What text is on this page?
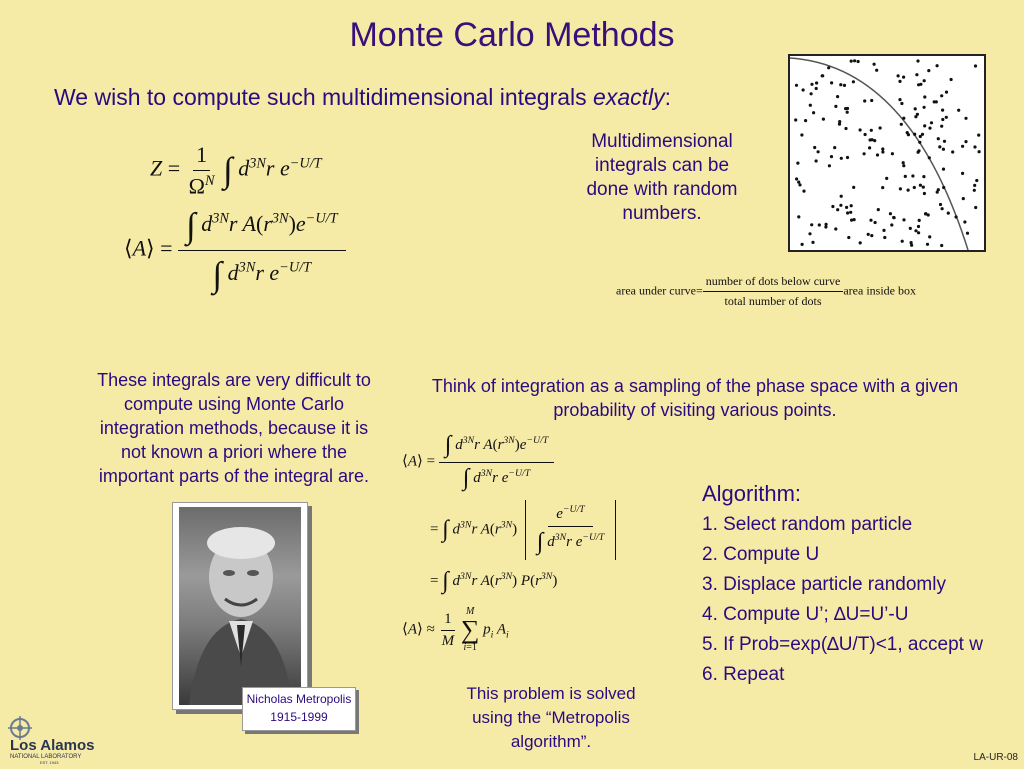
Monte Carlo Methods
We wish to compute such multidimensional integrals exactly:
$Z = \frac{1}{\Omega^N}$ ∫ $d^{3N}r$ $e^{-U/T}$
⟨A⟩ = $\frac{\int d^{3N}r A(r^{3N})e^{-U/T}}{\int d^{3N}r e^{-U/T}}$
Multidimensional integrals can be done with random numbers.
area under curve= $\frac{\text{number of dots below curve}}{\text{total number of dots}}$ area inside box
These integrals are very difficult to compute using Monte Carlo integration methods, because it is not known a priori where the important parts of the integral are.
Think of integration as a sampling of the phase space with a given probability of visiting various points.
⟨A⟩ = $\frac{\int d^{3N}r A(r^{3N})e^{-U/T}}{\int d^{3N}r e^{-U/T}}$
= ∫ $d^{3N}r$ $A(r^{3N}) \frac{e^{-U/T}}{\int d^{3N}r e^{-U/T}}$
= ∫ $d^{3N}r$ $A(r^{3N})$ $P(r^{3N})$
⟨A⟩ ≈ $\frac{1}{M}$
M
∑
i=1
$p_i$ $A_i$
Algorithm:
1. Select random particle
2. Compute U
3. Displace particle randomly
4. Compute U’; ∆U=U’-U
5. If Prob=exp(∆U/T)<1, accept w
6. Repeat
This problem is solved using the “Metropolis algorithm”.
Nicholas Metropolis
1915-1999
Los Alamos
NATIONAL LABORATORY
EST. 1943	LA-UR-08
